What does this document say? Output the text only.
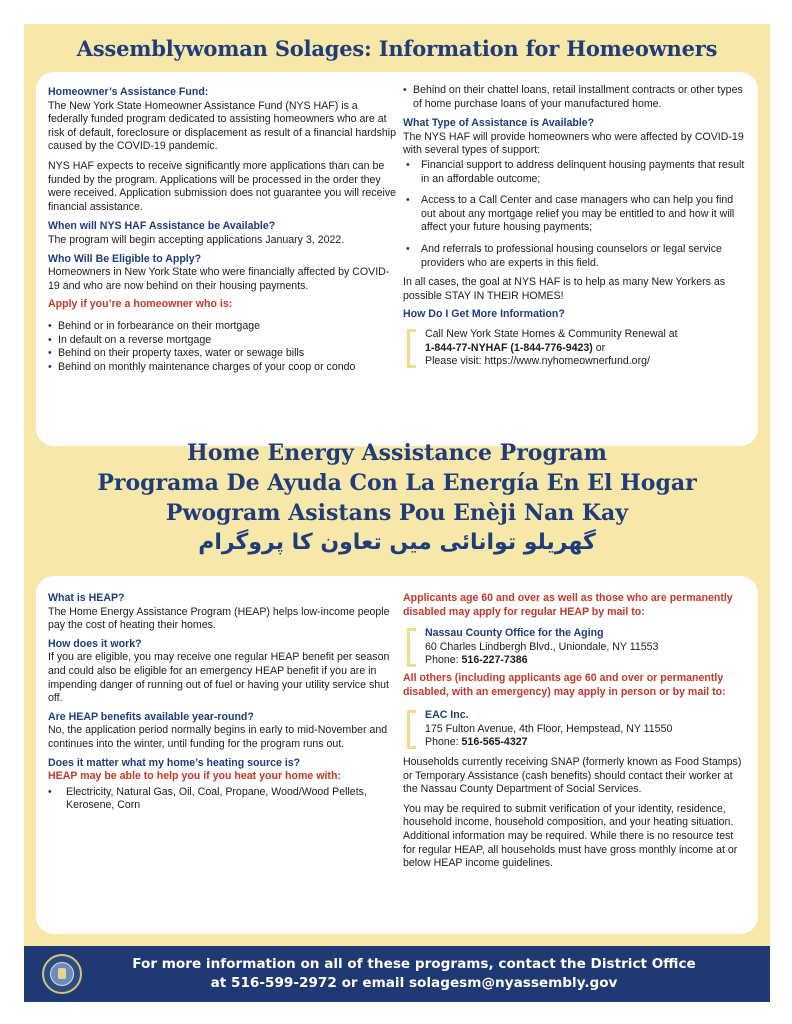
Assemblywoman Solages: Information for Homeowners
Homeowner’s Assistance Fund:
The New York State Homeowner Assistance Fund (NYS HAF) is a federally funded program dedicated to assisting homeowners who are at risk of default, foreclosure or displacement as result of a financial hardship caused by the COVID-19 pandemic.
NYS HAF expects to receive significantly more applications than can be funded by the program. Applications will be processed in the order they were received. Application submission does not guarantee you will receive financial assistance.
When will NYS HAF Assistance be Available?
The program will begin accepting applications January 3, 2022.
Who Will Be Eligible to Apply?
Homeowners in New York State who were financially affected by COVID-19 and who are now behind on their housing payments.
Apply if you’re a homeowner who is:
• Behind or in forbearance on their mortgage
• In default on a reverse mortgage
• Behind on their property taxes, water or sewage bills
• Behind on monthly maintenance charges of your coop or condo
• Behind on their chattel loans, retail installment contracts or other types of home purchase loans of your manufactured home.
What Type of Assistance is Available?
The NYS HAF will provide homeowners who were affected by COVID-19 with several types of support:
• Financial support to address delinquent housing payments that result in an affordable outcome;
• Access to a Call Center and case managers who can help you find out about any mortgage relief you may be entitled to and how it will affect your future housing payments;
• And referrals to professional housing counselors or legal service providers who are experts in this field.
In all cases, the goal at NYS HAF is to help as many New Yorkers as possible STAY IN THEIR HOMES!
How Do I Get More Information?
Call New York State Homes & Community Renewal at
1-844-77-NYHAF (1-844-776-9423) or
Please visit: https://www.nyhomeownerfund.org/
Home Energy Assistance Program
Programa De Ayuda Con La Energía En El Hogar
Pwogram Asistans Pou Enèji Nan Kay
گھریلو توانائی میں تعاون کا پروگرام
What is HEAP?
The Home Energy Assistance Program (HEAP) helps low-income people pay the cost of heating their homes.
How does it work?
If you are eligible, you may receive one regular HEAP benefit per season and could also be eligible for an emergency HEAP benefit if you are in impending danger of running out of fuel or having your utility service shut off.
Are HEAP benefits available year-round?
No, the application period normally begins in early to mid-November and continues into the winter, until funding for the program runs out.
Does it matter what my home’s heating source is?
HEAP may be able to help you if you heat your home with:
• Electricity, Natural Gas, Oil, Coal, Propane, Wood/Wood Pellets, Kerosene, Corn
Applicants age 60 and over as well as those who are permanently disabled may apply for regular HEAP by mail to:
Nassau County Office for the Aging
60 Charles Lindbergh Blvd., Uniondale, NY 11553
Phone: 516-227-7386
All others (including applicants age 60 and over or permanently disabled, with an emergency) may apply in person or by mail to:
EAC Inc.
175 Fulton Avenue, 4th Floor, Hempstead, NY 11550
Phone: 516-565-4327
Households currently receiving SNAP (formerly known as Food Stamps) or Temporary Assistance (cash benefits) should contact their worker at the Nassau County Department of Social Services.
You may be required to submit verification of your identity, residence, household income, household composition, and your heating situation. Additional information may be required. While there is no resource test for regular HEAP, all households must have gross monthly income at or below HEAP income guidelines.
For more information on all of these programs, contact the District Office
at 516-599-2972 or email solagesm@nyassembly.gov
